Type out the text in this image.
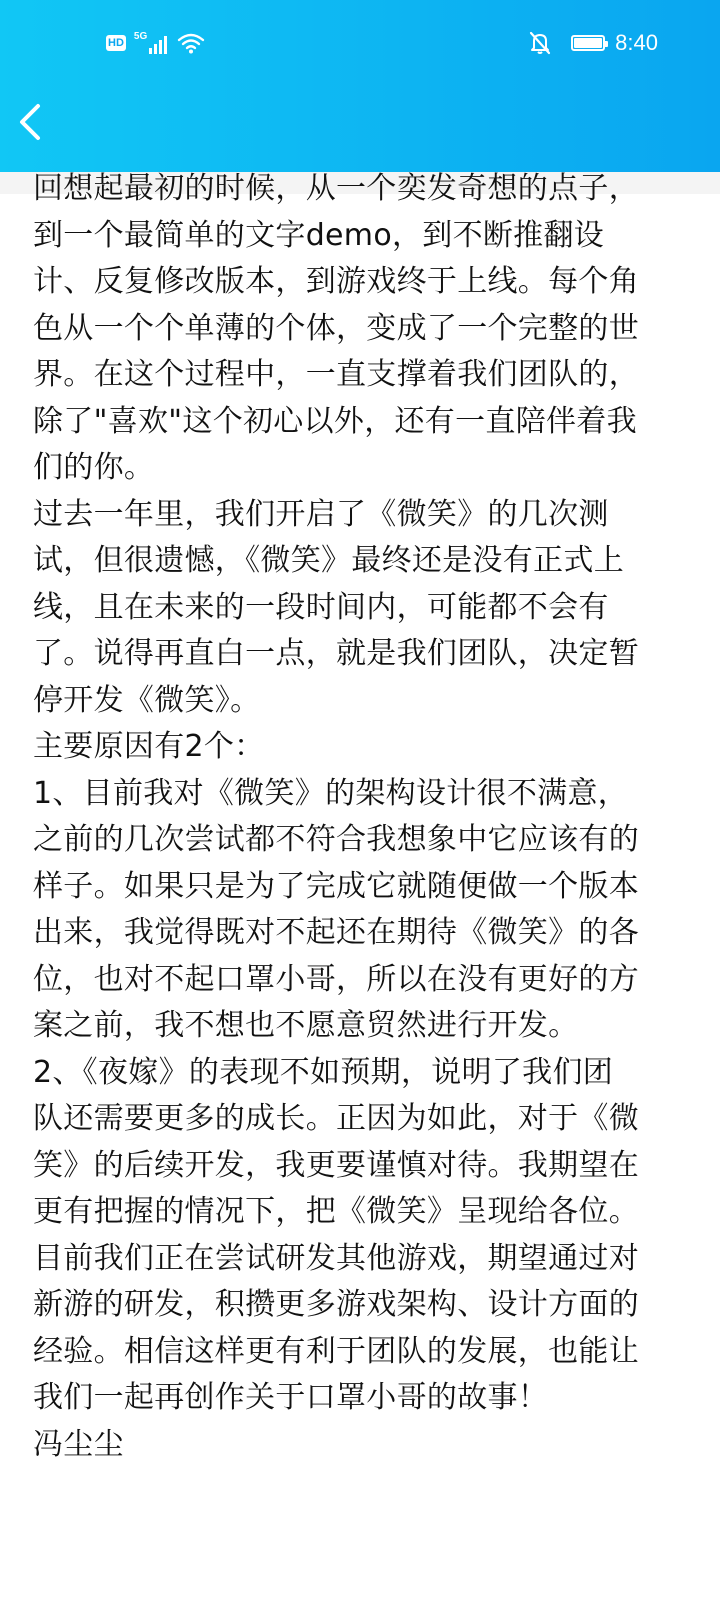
HD
5G	8:40
回想起最初的时候，从一个奕发奇想的点子，
到一个最简单的文字demo，到不断推翻设
计、反复修改版本，到游戏终于上线。每个角
色从一个个单薄的个体，变成了一个完整的世
界。在这个过程中，一直支撑着我们团队的，
除了"喜欢"这个初心以外，还有一直陪伴着我
们的你。
过去一年里，我们开启了《微笑》的几次测
试，但很遗憾，《微笑》最终还是没有正式上
线，且在未来的一段时间内，可能都不会有
了。说得再直白一点，就是我们团队，决定暂
停开发《微笑》。
主要原因有2个：
1、目前我对《微笑》的架构设计很不满意，
之前的几次尝试都不符合我想象中它应该有的
样子。如果只是为了完成它就随便做一个版本
出来，我觉得既对不起还在期待《微笑》的各
位，也对不起口罩小哥，所以在没有更好的方
案之前，我不想也不愿意贸然进行开发。
2、《夜嫁》的表现不如预期，说明了我们团
队还需要更多的成长。正因为如此，对于《微
笑》的后续开发，我更要谨慎对待。我期望在
更有把握的情况下，把《微笑》呈现给各位。
目前我们正在尝试研发其他游戏，期望通过对
新游的研发，积攒更多游戏架构、设计方面的
经验。相信这样更有利于团队的发展，也能让
我们一起再创作关于口罩小哥的故事！
冯尘尘
